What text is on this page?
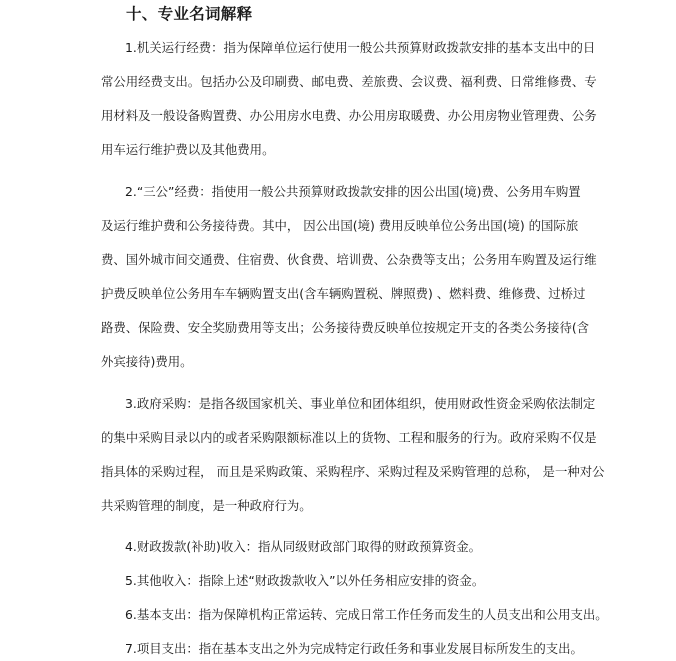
十、专业名词解释
1.机关运行经费：指为保障单位运行使用一般公共预算财政拨款安排的基本支出中的日
常公用经费支出。包括办公及印刷费、邮电费、差旅费、会议费、福利费、日常维修费、专
用材料及一般设备购置费、办公用房水电费、办公用房取暖费、办公用房物业管理费、公务
用车运行维护费以及其他费用。
2.“三公”经费：指使用一般公共预算财政拨款安排的因公出国(境)费、公务用车购置
及运行维护费和公务接待费。其中， 因公出国(境) 费用反映单位公务出国(境) 的国际旅
费、国外城市间交通费、住宿费、伙食费、培训费、公杂费等支出；公务用车购置及运行维
护费反映单位公务用车车辆购置支出(含车辆购置税、牌照费) 、燃料费、维修费、过桥过
路费、保险费、安全奖励费用等支出；公务接待费反映单位按规定开支的各类公务接待(含
外宾接待)费用。
3.政府采购：是指各级国家机关、事业单位和团体组织，使用财政性资金采购依法制定
的集中采购目录以内的或者采购限额标准以上的货物、工程和服务的行为。政府采购不仅是
指具体的采购过程， 而且是采购政策、采购程序、采购过程及采购管理的总称， 是一种对公
共采购管理的制度，是一种政府行为。
4.财政拨款(补助)收入：指从同级财政部门取得的财政预算资金。
5.其他收入：指除上述“财政拨款收入”以外任务相应安排的资金。
6.基本支出：指为保障机构正常运转、完成日常工作任务而发生的人员支出和公用支出。
7.项目支出：指在基本支出之外为完成特定行政任务和事业发展目标所发生的支出。
